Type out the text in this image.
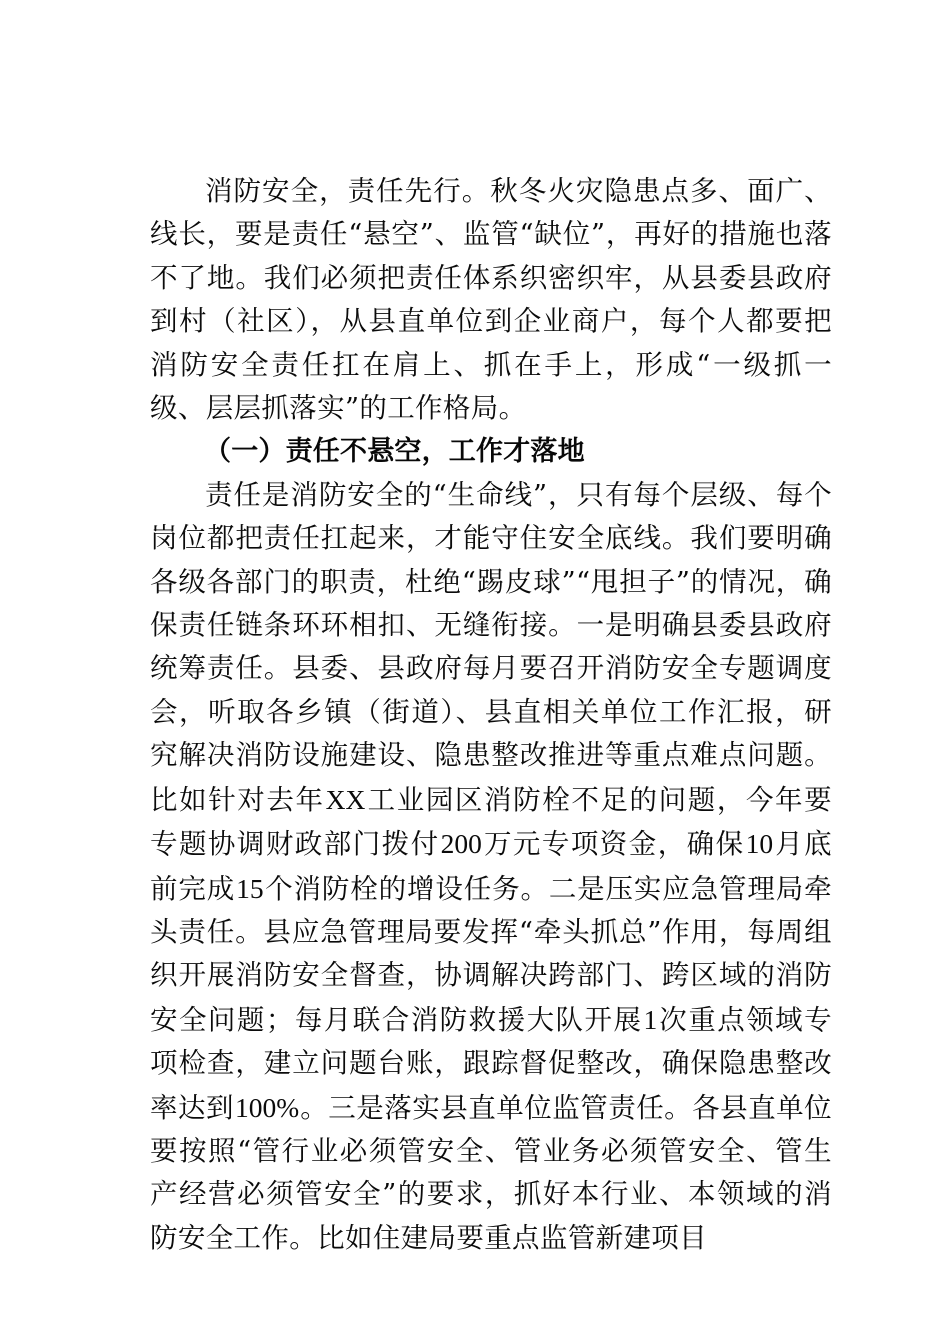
消防安全，责任先行。秋冬火灾隐患点多、面广、线长，要是责任“悬空”、监管“缺位”，再好的措施也落不了地。我们必须把责任体系织密织牢，从县委县政府到村（社区），从县直单位到企业商户，每个人都要把消防安全责任扛在肩上、抓在手上，形成“一级抓一级、层层抓落实”的工作格局。

（一）责任不悬空，工作才落地

责任是消防安全的“生命线”，只有每个层级、每个岗位都把责任扛起来，才能守住安全底线。我们要明确各级各部门的职责，杜绝“踢皮球”“甩担子”的情况，确保责任链条环环相扣、无缝衔接。一是明确县委县政府统筹责任。县委、县政府每月要召开消防安全专题调度会，听取各乡镇（街道）、县直相关单位工作汇报，研究解决消防设施建设、隐患整改推进等重点难点问题。比如针对去年XX工业园区消防栓不足的问题，今年要专题协调财政部门拨付200万元专项资金，确保10月底前完成15个消防栓的增设任务。二是压实应急管理局牵头责任。县应急管理局要发挥“牵头抓总”作用，每周组织开展消防安全督查，协调解决跨部门、跨区域的消防安全问题；每月联合消防救援大队开展1次重点领域专项检查，建立问题台账，跟踪督促整改，确保隐患整改率达到100%。三是落实县直单位监管责任。各县直单位要按照“管行业必须管安全、管业务必须管安全、管生产经营必须管安全”的要求，抓好本行业、本领域的消防安全工作。比如住建局要重点监管新建项目
